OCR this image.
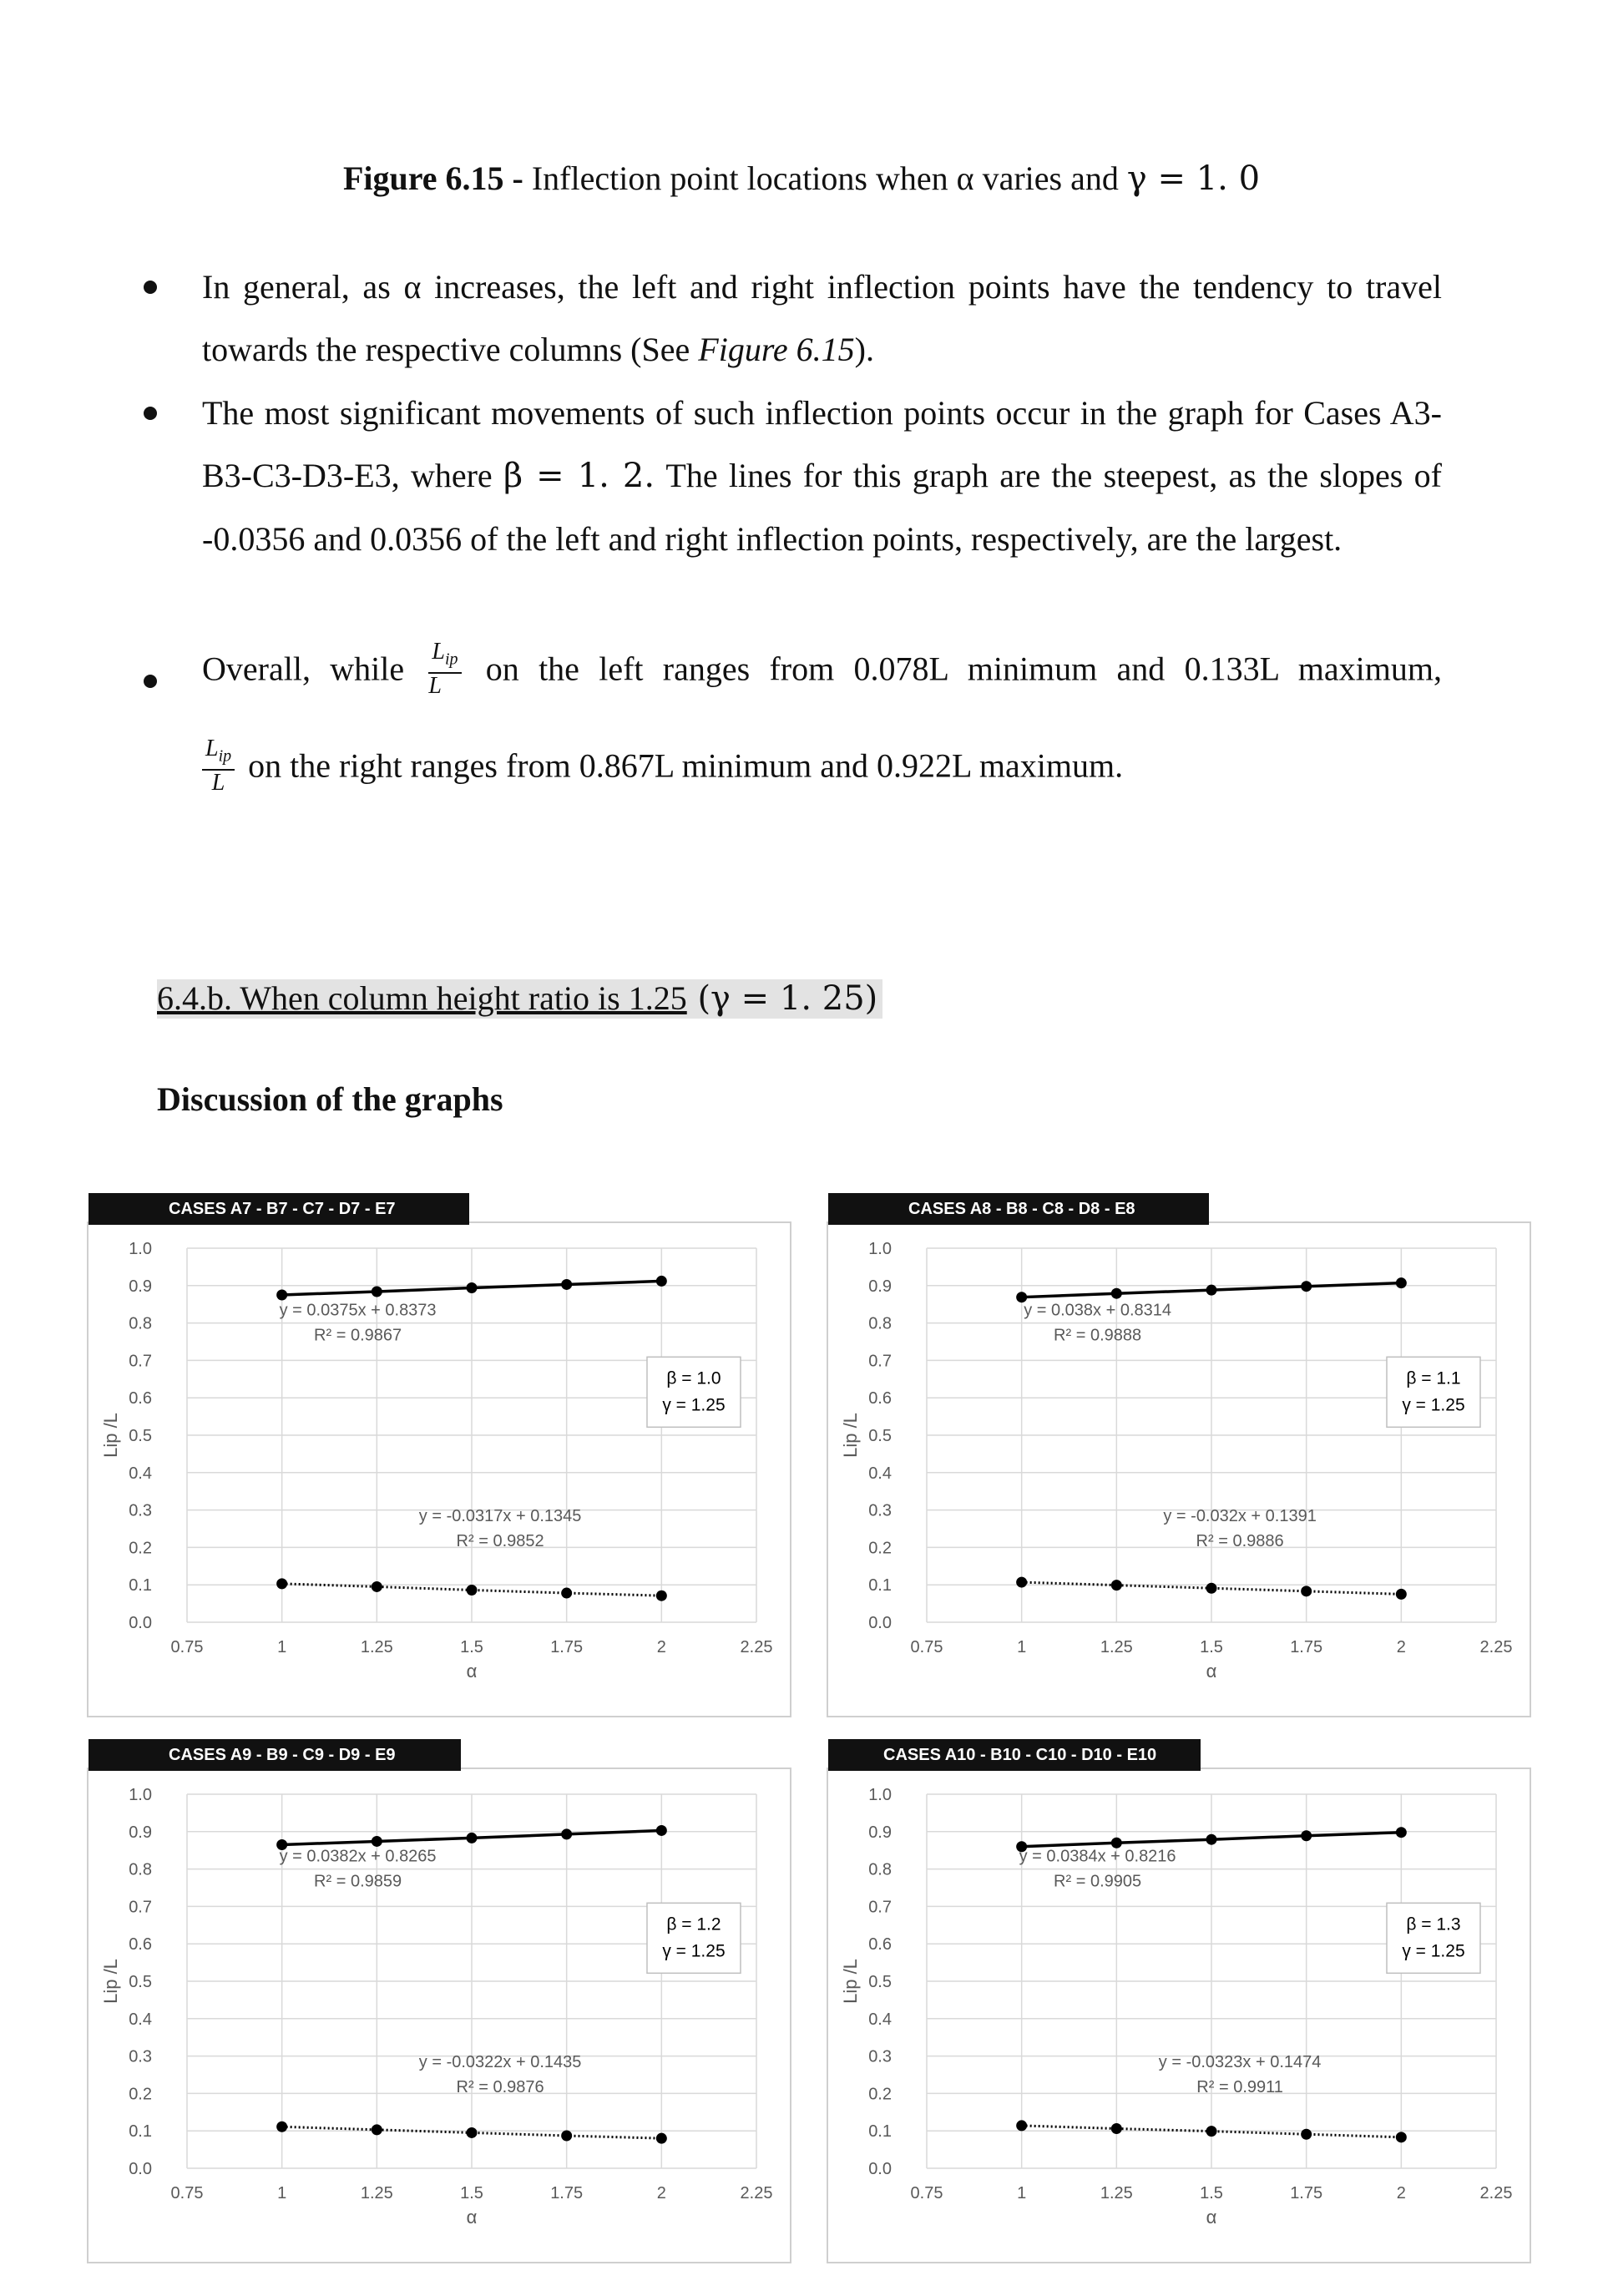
Figure 6.15 - Inflection point locations when α varies and γ = 1. 0
In general, as α increases, the left and right inflection points have the tendency to travel towards the respective columns (See Figure 6.15).
The most significant movements of such inflection points occur in the graph for Cases A3-B3-C3-D3-E3, where β = 1. 2. The lines for this graph are the steepest, as the slopes of -0.0356 and 0.0356 of the left and right inflection points, respectively, are the largest.
Overall, while $\frac{L_{ip}}{L}$ on the left ranges from 0.078L minimum and 0.133L maximum,
$\frac{L_{ip}}{L}$ on the right ranges from 0.867L minimum and 0.922L maximum.
6.4.b. When column height ratio is 1.25 (γ = 1. 25)
Discussion of the graphs
CASES A7 - B7 - C7 - D7 - E7
0.0
0.1
0.2
0.3
0.4
0.5
0.6
0.7
0.8
0.9
1.0
0.75	1	1.25	1.5	1.75	2	2.25
α
Lip /L
y = 0.0375x + 0.8373
R² = 0.9867
y = -0.0317x + 0.1345
R² = 0.9852
β = 1.0
γ = 1.25
CASES A8 - B8 - C8 - D8 - E8
0.0
0.1
0.2
0.3
0.4
0.5
0.6
0.7
0.8
0.9
1.0
0.75	1	1.25	1.5	1.75	2	2.25
α
Lip /L
y = 0.038x + 0.8314
R² = 0.9888
y = -0.032x + 0.1391
R² = 0.9886
β = 1.1
γ = 1.25
CASES A9 - B9 - C9 - D9 - E9
0.0
0.1
0.2
0.3
0.4
0.5
0.6
0.7
0.8
0.9
1.0
0.75	1	1.25	1.5	1.75	2	2.25
α
Lip /L
y = 0.0382x + 0.8265
R² = 0.9859
y = -0.0322x + 0.1435
R² = 0.9876
β = 1.2
γ = 1.25
CASES A10 - B10 - C10 - D10 - E10
0.0
0.1
0.2
0.3
0.4
0.5
0.6
0.7
0.8
0.9
1.0
0.75	1	1.25	1.5	1.75	2	2.25
α
Lip /L
y = 0.0384x + 0.8216
R² = 0.9905
y = -0.0323x + 0.1474
R² = 0.9911
β = 1.3
γ = 1.25
